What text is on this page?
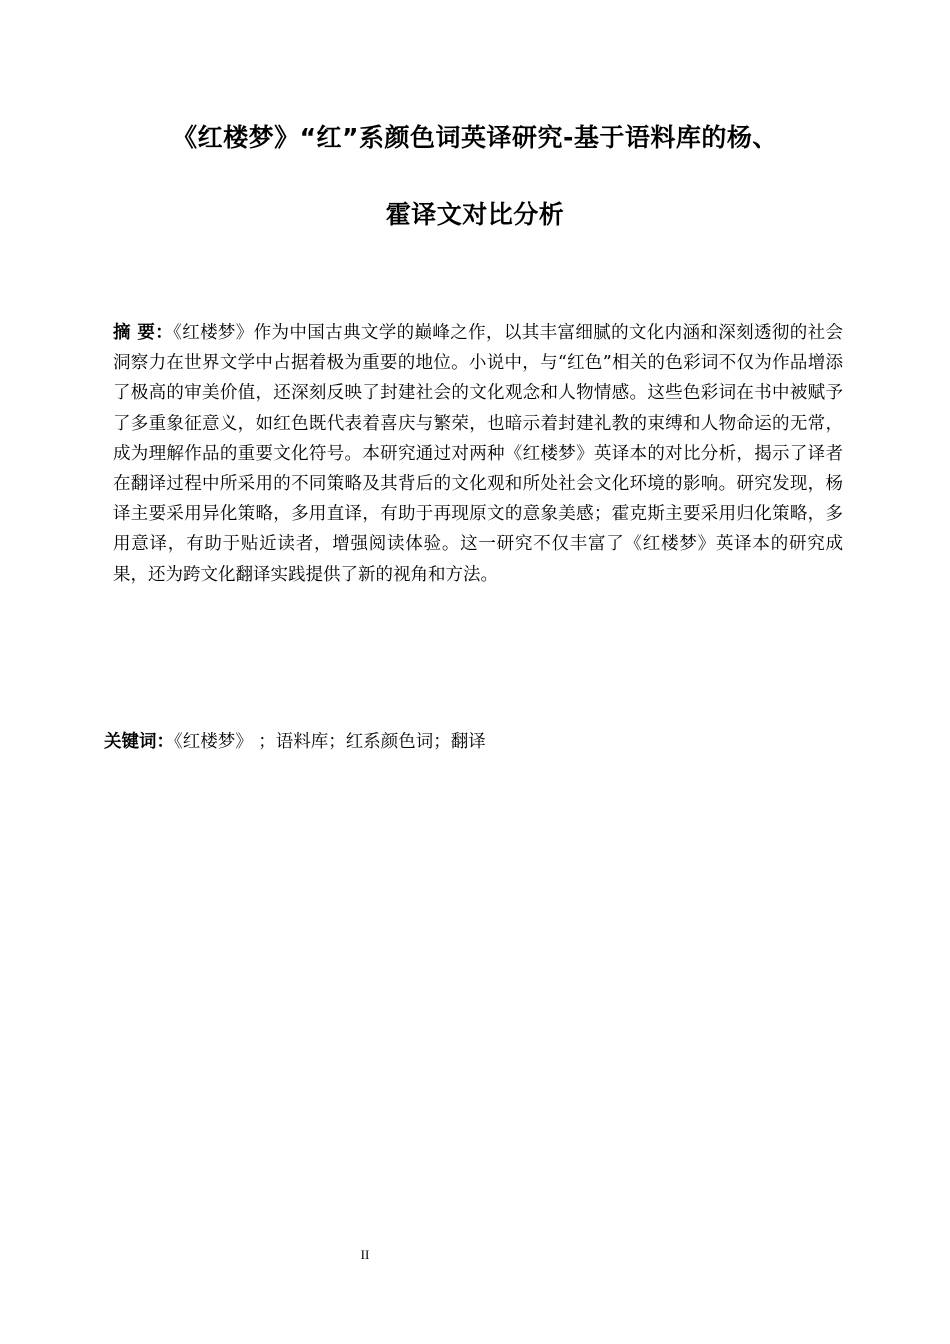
《红楼梦》“红”系颜色词英译研究-基于语料库的杨、
霍译文对比分析
摘 要：《红楼梦》作为中国古典文学的巅峰之作，以其丰富细腻的文化内涵和深刻透彻的社会洞察力在世界文学中占据着极为重要的地位。小说中，与“红色”相关的色彩词不仅为作品增添了极高的审美价值，还深刻反映了封建社会的文化观念和人物情感。这些色彩词在书中被赋予了多重象征意义，如红色既代表着喜庆与繁荣，也暗示着封建礼教的束缚和人物命运的无常，成为理解作品的重要文化符号。本研究通过对两种《红楼梦》英译本的对比分析，揭示了译者在翻译过程中所采用的不同策略及其背后的文化观和所处社会文化环境的影响。研究发现，杨译主要采用异化策略，多用直译，有助于再现原文的意象美感；霍克斯主要采用归化策略，多用意译，有助于贴近读者，增强阅读体验。这一研究不仅丰富了《红楼梦》英译本的研究成果，还为跨文化翻译实践提供了新的视角和方法。
关键词：《红楼梦》 ；语料库；红系颜色词；翻译
II
